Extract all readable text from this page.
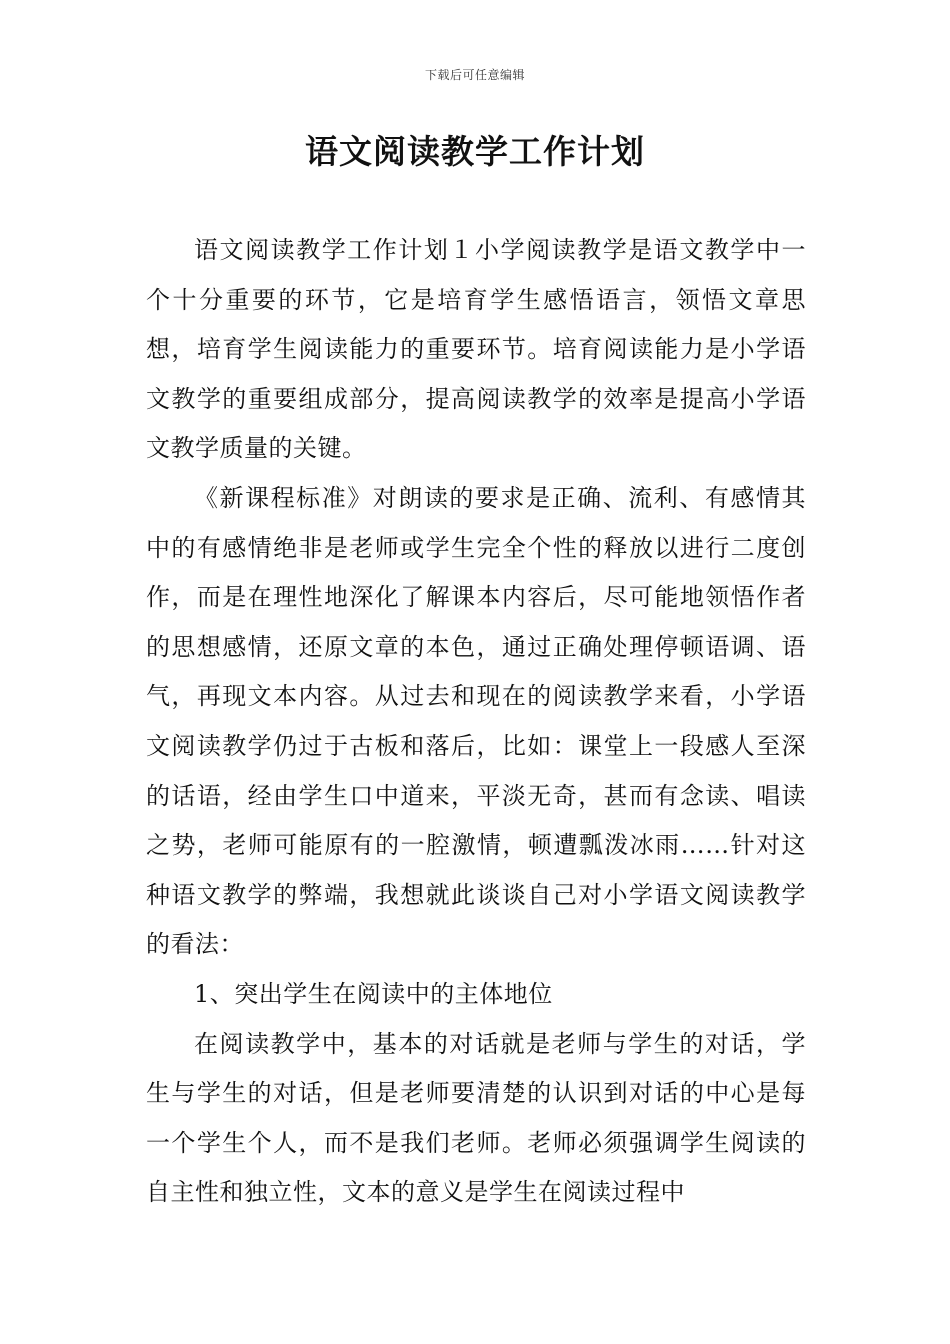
下载后可任意编辑
语文阅读教学工作计划

语文阅读教学工作计划１小学阅读教学是语文教学中一个十分重要的环节，它是培育学生感悟语言，领悟文章思想，培育学生阅读能力的重要环节。培育阅读能力是小学语文教学的重要组成部分，提高阅读教学的效率是提高小学语文教学质量的关键。

《新课程标准》对朗读的要求是正确、流利、有感情其中的有感情绝非是老师或学生完全个性的释放以进行二度创作，而是在理性地深化了解课本内容后，尽可能地领悟作者的思想感情，还原文章的本色，通过正确处理停顿语调、语气，再现文本内容。从过去和现在的阅读教学来看，小学语文阅读教学仍过于古板和落后，比如：课堂上一段感人至深的话语，经由学生口中道来，平淡无奇，甚而有念读、唱读之势，老师可能原有的一腔激情，顿遭瓢泼冰雨……针对这种语文教学的弊端，我想就此谈谈自己对小学语文阅读教学的看法：

1、突出学生在阅读中的主体地位

在阅读教学中，基本的对话就是老师与学生的对话，学生与学生的对话，但是老师要清楚的认识到对话的中心是每一个学生个人，而不是我们老师。老师必须强调学生阅读的自主性和独立性，文本的意义是学生在阅读过程中
